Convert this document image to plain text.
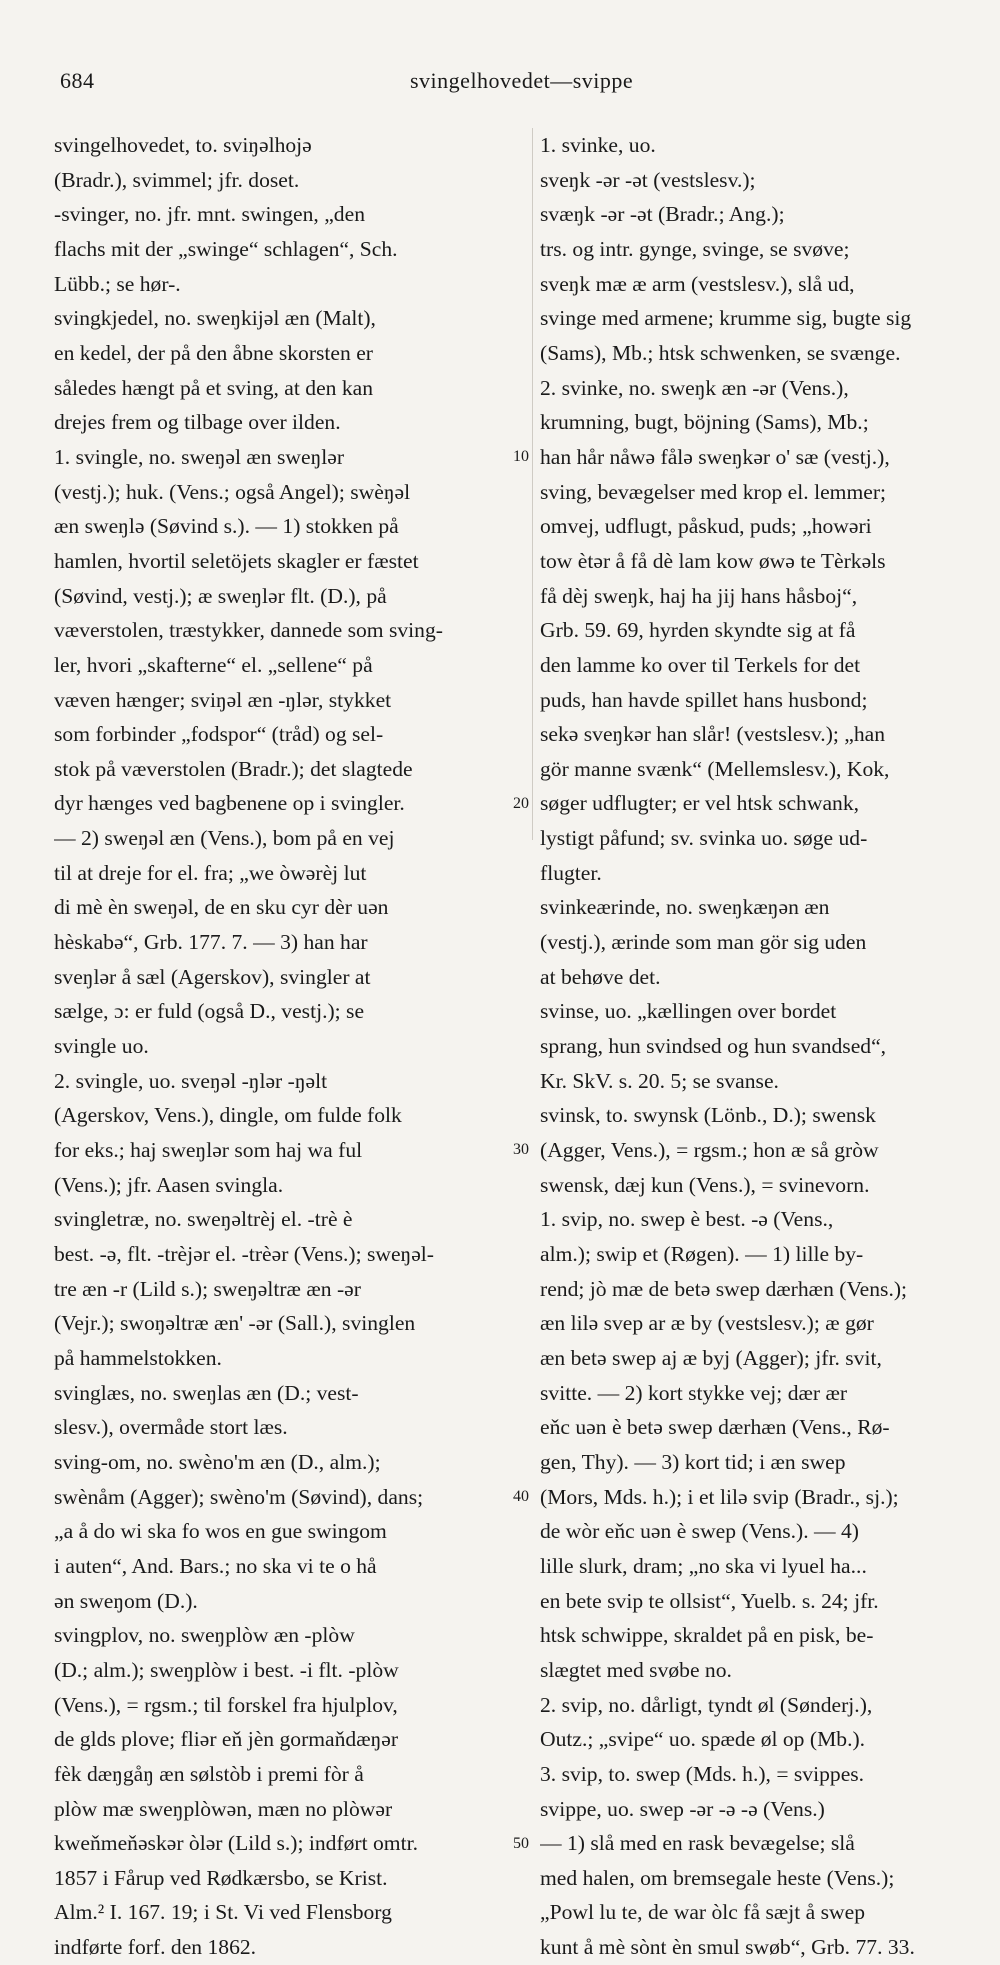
684	svingelhovedet—svippe
svingelhovedet, to. sviŋəlhojə
(Bradr.), svimmel; jfr. doset.
-svinger, no. jfr. mnt. swingen, „den
flachs mit der „swinge“ schlagen“, Sch.
Lübb.; se hør-.
svingkjedel, no. sweŋkijəl æn (Malt),
en kedel, der på den åbne skorsten er
således hængt på et sving, at den kan
drejes frem og tilbage over ilden.
1. svingle, no. sweŋəl æn sweŋlər
(vestj.); huk. (Vens.; også Angel); swèŋəl
æn sweŋlə (Søvind s.). — 1) stokken på
hamlen, hvortil seletöjets skagler er fæstet
(Søvind, vestj.); æ sweŋlər flt. (D.), på
væverstolen, træstykker, dannede som sving-
ler, hvori „skafterne“ el. „sellene“ på
væven hænger; sviŋəl æn -ŋlər, stykket
som forbinder „fodspor“ (tråd) og sel-
stok på væverstolen (Bradr.); det slagtede
dyr hænges ved bagbenene op i svingler.
— 2) sweŋəl æn (Vens.), bom på en vej
til at dreje for el. fra; „we òwərèj lut
di mè èn sweŋəl, de en sku cyr dèr uən
hèskabə“, Grb. 177. 7. — 3) han har
sveŋlər å sæl (Agerskov), svingler at
sælge, ɔ: er fuld (også D., vestj.); se
svingle uo.
2. svingle, uo. sveŋəl -ŋlər -ŋəlt
(Agerskov, Vens.), dingle, om fulde folk
for eks.; haj sweŋlər som haj wa ful
(Vens.); jfr. Aasen svingla.
svingletræ, no. sweŋəltrèj el. -trè è
best. -ə, flt. -trèjər el. -trèər (Vens.); sweŋəl-
tre æn -r (Lild s.); sweŋəltræ æn -ər
(Vejr.); swoŋəltræ æn' -ər (Sall.), svinglen
på hammelstokken.
svinglæs, no. sweŋlas æn (D.; vest-
slesv.), overmåde stort læs.
sving-om, no. swèno'm æn (D., alm.);
swènåm (Agger); swèno'm (Søvind), dans;
„a å do wi ska fo wos en gue swingom
i auten“, And. Bars.; no ska vi te o hå
ən sweŋom (D.).
svingplov, no. sweŋplòw æn -plòw
(D.; alm.); sweŋplòw i best. -i flt. -plòw
(Vens.), = rgsm.; til forskel fra hjulplov,
de glds plove; fliər eň jèn gormaňdæŋər
fèk dæŋgåŋ æn sølstòb i premi fòr å
plòw mæ sweŋplòwən, mæn no plòwər
kweňmeňəskər òlər (Lild s.); indført omtr.
1857 i Fårup ved Rødkærsbo, se Krist.
Alm.² I. 167. 19; i St. Vi ved Flensborg
indførte forf. den 1862.
10
20
30
40
50
1. svinke, uo.
sveŋk -ər -ət (vestslesv.);
svæŋk -ər -ət (Bradr.; Ang.);
trs. og intr. gynge, svinge, se svøve;
sveŋk mæ æ arm (vestslesv.), slå ud,
svinge med armene; krumme sig, bugte sig
(Sams), Mb.; htsk schwenken, se svænge.
2. svinke, no. sweŋk æn -ər (Vens.),
krumning, bugt, böjning (Sams), Mb.;
han hår nåwə fålə sweŋkər o' sæ (vestj.),
sving, bevægelser med krop el. lemmer;
omvej, udflugt, påskud, puds; „howəri
tow ètər å få dè lam kow øwə te Tèrkəls
få dèj sweŋk, haj ha jij hans håsboj“,
Grb. 59. 69, hyrden skyndte sig at få
den lamme ko over til Terkels for det
puds, han havde spillet hans husbond;
sekə sveŋkər han slår! (vestslesv.); „han
gör manne svænk“ (Mellemslesv.), Kok,
søger udflugter; er vel htsk schwank,
lystigt påfund; sv. svinka uo. søge ud-
flugter.
svinkeærinde, no. sweŋkæŋən æn
(vestj.), ærinde som man gör sig uden
at behøve det.
svinse, uo. „kællingen over bordet
sprang, hun svindsed og hun svandsed“,
Kr. SkV. s. 20. 5; se svanse.
svinsk, to. swynsk (Lönb., D.); swensk
(Agger, Vens.), = rgsm.; hon æ så gròw
swensk, dæj kun (Vens.), = svinevorn.
1. svip, no. swep è best. -ə (Vens.,
alm.); swip et (Røgen). — 1) lille by-
rend; jò mæ de betə swep dærhæn (Vens.);
æn lilə svep ar æ by (vestslesv.); æ gør
æn betə swep aj æ byj (Agger); jfr. svit,
svitte. — 2) kort stykke vej; dær ær
eňc uən è betə swep dærhæn (Vens., Rø-
gen, Thy). — 3) kort tid; i æn swep
(Mors, Mds. h.); i et lilə svip (Bradr., sj.);
de wòr eňc uən è swep (Vens.). — 4)
lille slurk, dram; „no ska vi lyuel ha...
en bete svip te ollsist“, Yuelb. s. 24; jfr.
htsk schwippe, skraldet på en pisk, be-
slægtet med svøbe no.
2. svip, no. dårligt, tyndt øl (Sønderj.),
Outz.; „svipe“ uo. spæde øl op (Mb.).
3. svip, to. swep (Mds. h.), = svippes.
svippe, uo. swep -ər -ə -ə (Vens.)
— 1) slå med en rask bevægelse; slå
med halen, om bremsegale heste (Vens.);
„Powl lu te, de war òlc få sæjt å swep
kunt å mè sònt èn smul swøb“, Grb. 77. 33.
